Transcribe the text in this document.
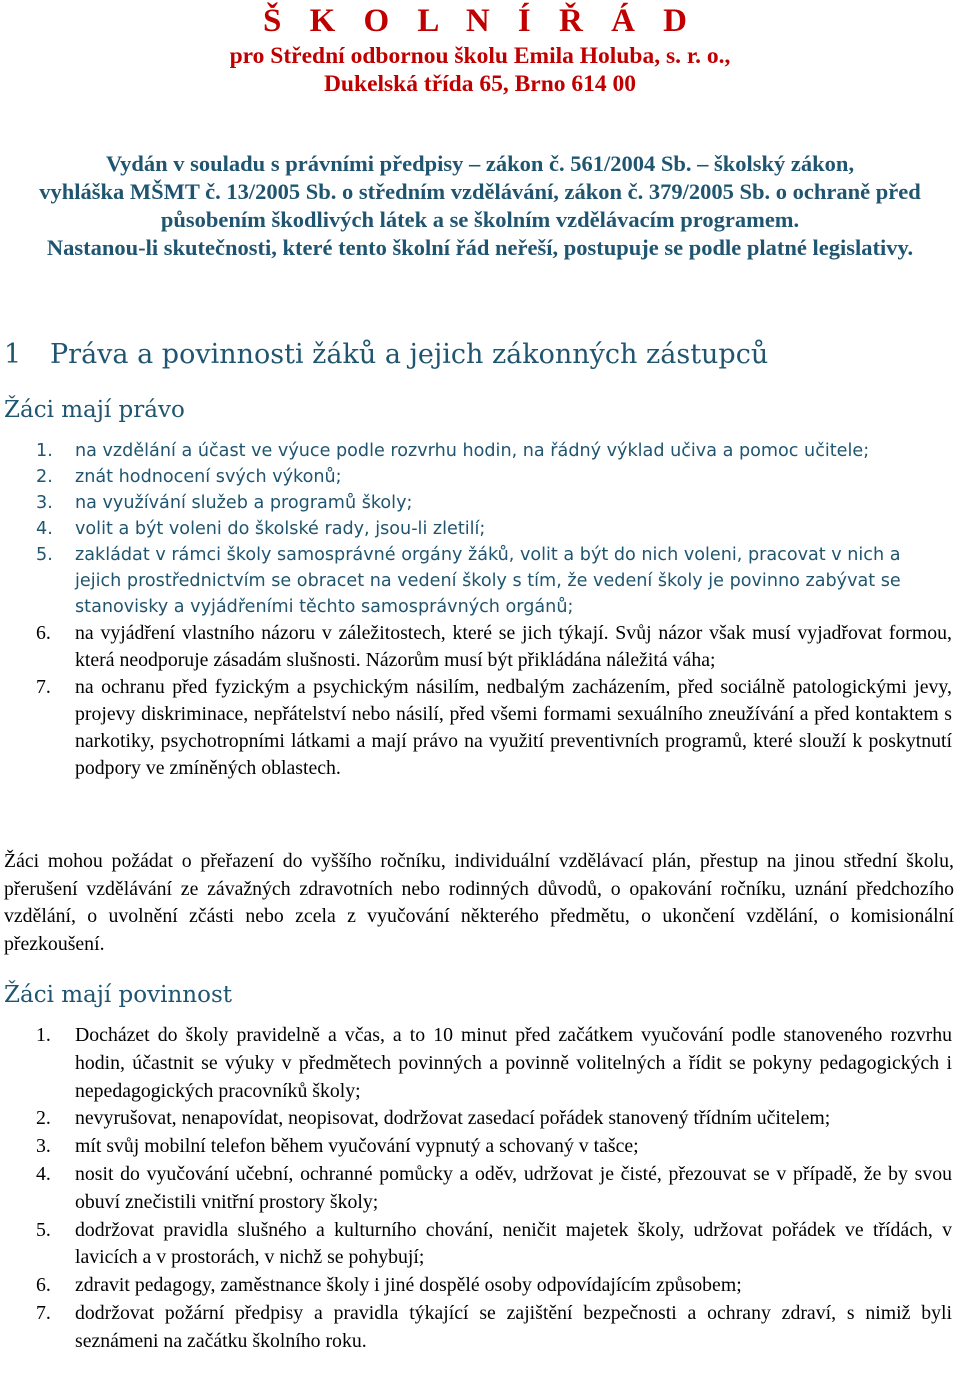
Š K O L N Í Ř Á D
pro Střední odbornou školu Emila Holuba, s. r. o.,
Dukelská třída 65, Brno 614 00
Vydán v souladu s právními předpisy – zákon č. 561/2004 Sb. – školský zákon,
vyhláška MŠMT č. 13/2005 Sb. o středním vzdělávání, zákon č. 379/2005 Sb. o ochraně před
působením škodlivých látek a se školním vzdělávacím programem.
Nastanou-li skutečnosti, které tento školní řád neřeší, postupuje se podle platné legislativy.
1 Práva a povinnosti žáků a jejich zákonných zástupců
Žáci mají právo
1. na vzdělání a účast ve výuce podle rozvrhu hodin, na řádný výklad učiva a pomoc učitele;
2. znát hodnocení svých výkonů;
3. na využívání služeb a programů školy;
4. volit a být voleni do školské rady, jsou-li zletilí;
5. zakládat v rámci školy samosprávné orgány žáků, volit a být do nich voleni, pracovat v nich a jejich prostřednictvím se obracet na vedení školy s tím, že vedení školy je povinno zabývat se stanovisky a vyjádřeními těchto samosprávných orgánů;
6. na vyjádření vlastního názoru v záležitostech, které se jich týkají. Svůj názor však musí vyjadřovat formou, která neodporuje zásadám slušnosti. Názorům musí být přikládána náležitá váha;
7. na ochranu před fyzickým a psychickým násilím, nedbalým zacházením, před sociálně patologickými jevy, projevy diskriminace, nepřátelství nebo násilí, před všemi formami sexuálního zneužívání a před kontaktem s narkotiky, psychotropními látkami a mají právo na využití preventivních programů, které slouží k poskytnutí podpory ve zmíněných oblastech.
Žáci mohou požádat o přeřazení do vyššího ročníku, individuální vzdělávací plán, přestup na jinou střední školu, přerušení vzdělávání ze závažných zdravotních nebo rodinných důvodů, o opakování ročníku, uznání předchozího vzdělání, o uvolnění zčásti nebo zcela z vyučování některého předmětu, o ukončení vzdělání, o komisionální přezkoušení.
Žáci mají povinnost
1. Docházet do školy pravidelně a včas, a to 10 minut před začátkem vyučování podle stanoveného rozvrhu hodin, účastnit se výuky v předmětech povinných a povinně volitelných a řídit se pokyny pedagogických i nepedagogických pracovníků školy;
2. nevyrušovat, nenapovídat, neopisovat, dodržovat zasedací pořádek stanovený třídním učitelem;
3. mít svůj mobilní telefon během vyučování vypnutý a schovaný v tašce;
4. nosit do vyučování učební, ochranné pomůcky a oděv, udržovat je čisté, přezouvat se v případě, že by svou obuví znečistili vnitřní prostory školy;
5. dodržovat pravidla slušného a kulturního chování, neničit majetek školy, udržovat pořádek ve třídách, v lavicích a v prostorách, v nichž se pohybují;
6. zdravit pedagogy, zaměstnance školy i jiné dospělé osoby odpovídajícím způsobem;
7. dodržovat požární předpisy a pravidla týkající se zajištění bezpečnosti a ochrany zdraví, s nimiž byli seznámeni na začátku školního roku.
